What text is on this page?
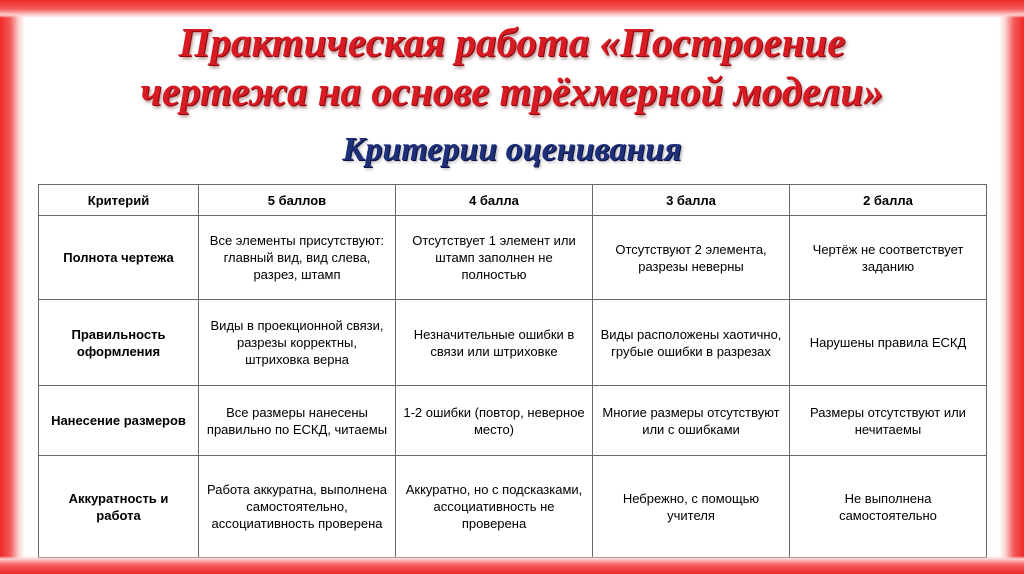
Практическая работа «Построение
чертежа на основе трёхмерной модели»
Критерии оценивания
Критерий	5 баллов	4 балла	3 балла	2 балла
Полнота чертежа	Все элементы присутствуют: главный вид, вид слева, разрез, штамп	Отсутствует 1 элемент или штамп заполнен не полностью	Отсутствуют 2 элемента, разрезы неверны	Чертёж не соответствует заданию
Правильность оформления	Виды в проекционной связи, разрезы корректны, штриховка верна	Незначительные ошибки в связи или штриховке	Виды расположены хаотично, грубые ошибки в разрезах	Нарушены правила ЕСКД
Нанесение размеров	Все размеры нанесены правильно по ЕСКД, читаемы	1-2 ошибки (повтор, неверное место)	Многие размеры отсутствуют или с ошибками	Размеры отсутствуют или нечитаемы
Аккуратность и работа	Работа аккуратна, выполнена самостоятельно, ассоциативность проверена	Аккуратно, но с подсказками, ассоциативность не проверена	Небрежно, с помощью учителя	Не выполнена самостоятельно
